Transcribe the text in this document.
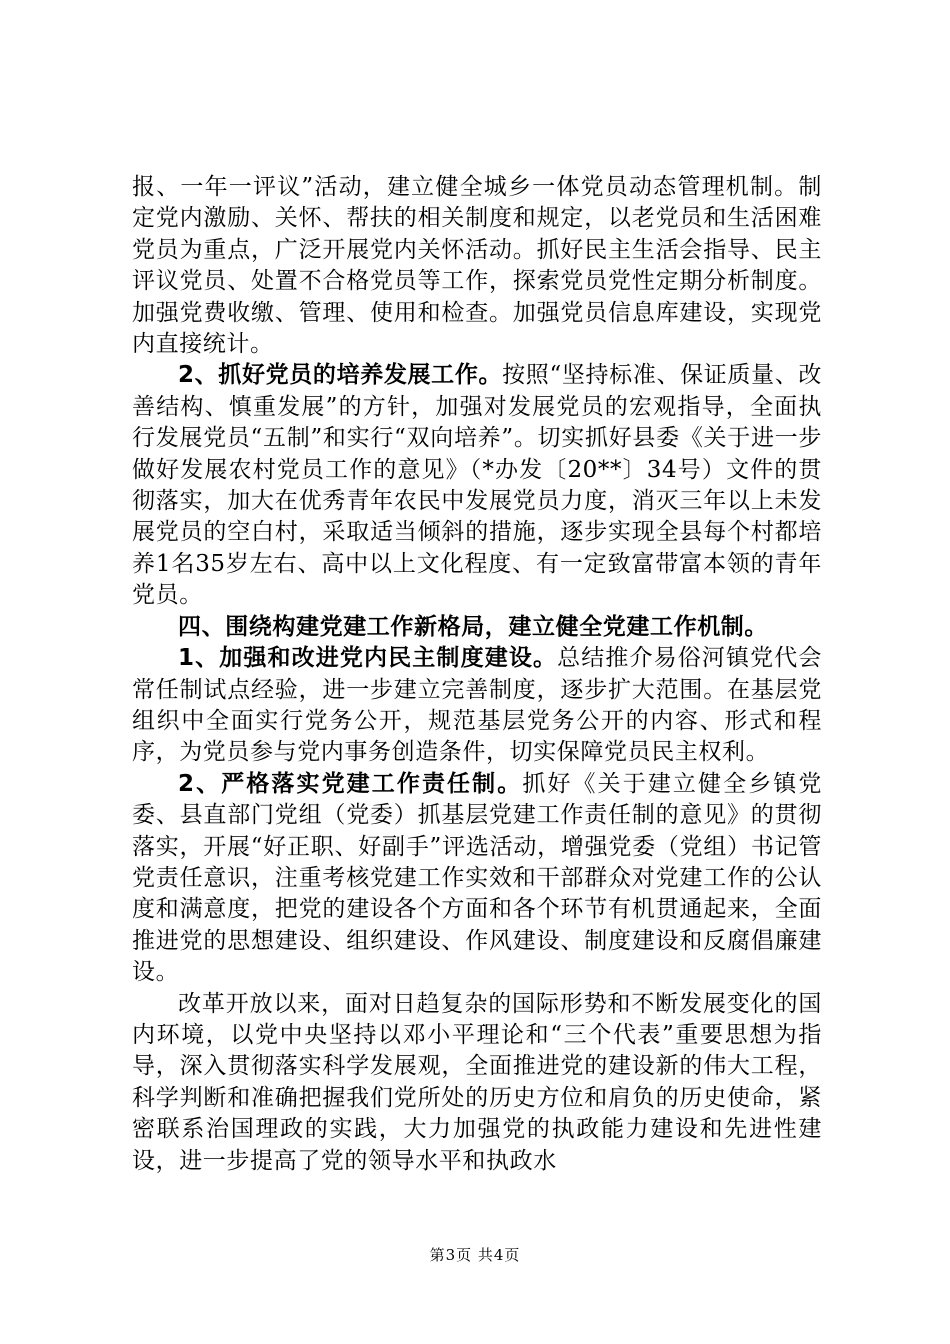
报、一年一评议”活动，建立健全城乡一体党员动态管理机制。制定党内激励、关怀、帮扶的相关制度和规定，以老党员和生活困难党员为重点，广泛开展党内关怀活动。抓好民主生活会指导、民主评议党员、处置不合格党员等工作，探索党员党性定期分析制度。加强党费收缴、管理、使用和检查。加强党员信息库建设，实现党内直接统计。

2、抓好党员的培养发展工作。按照“坚持标准、保证质量、改善结构、慎重发展”的方针，加强对发展党员的宏观指导，全面执行发展党员“五制”和实行“双向培养”。切实抓好县委《关于进一步做好发展农村党员工作的意见》（*办发〔20**〕34号）文件的贯彻落实，加大在优秀青年农民中发展党员力度，消灭三年以上未发展党员的空白村，采取适当倾斜的措施，逐步实现全县每个村都培养1名35岁左右、高中以上文化程度、有一定致富带富本领的青年党员。

四、围绕构建党建工作新格局，建立健全党建工作机制。

1、加强和改进党内民主制度建设。总结推介易俗河镇党代会常任制试点经验，进一步建立完善制度，逐步扩大范围。在基层党组织中全面实行党务公开，规范基层党务公开的内容、形式和程序，为党员参与党内事务创造条件，切实保障党员民主权利。

2、严格落实党建工作责任制。抓好《关于建立健全乡镇党委、县直部门党组（党委）抓基层党建工作责任制的意见》的贯彻落实，开展“好正职、好副手”评选活动，增强党委（党组）书记管党责任意识，注重考核党建工作实效和干部群众对党建工作的公认度和满意度，把党的建设各个方面和各个环节有机贯通起来，全面推进党的思想建设、组织建设、作风建设、制度建设和反腐倡廉建设。

改革开放以来，面对日趋复杂的国际形势和不断发展变化的国内环境，以党中央坚持以邓小平理论和“三个代表”重要思想为指导，深入贯彻落实科学发展观，全面推进党的建设新的伟大工程，科学判断和准确把握我们党所处的历史方位和肩负的历史使命，紧密联系治国理政的实践，大力加强党的执政能力建设和先进性建设，进一步提高了党的领导水平和执政水

第3页 共4页
